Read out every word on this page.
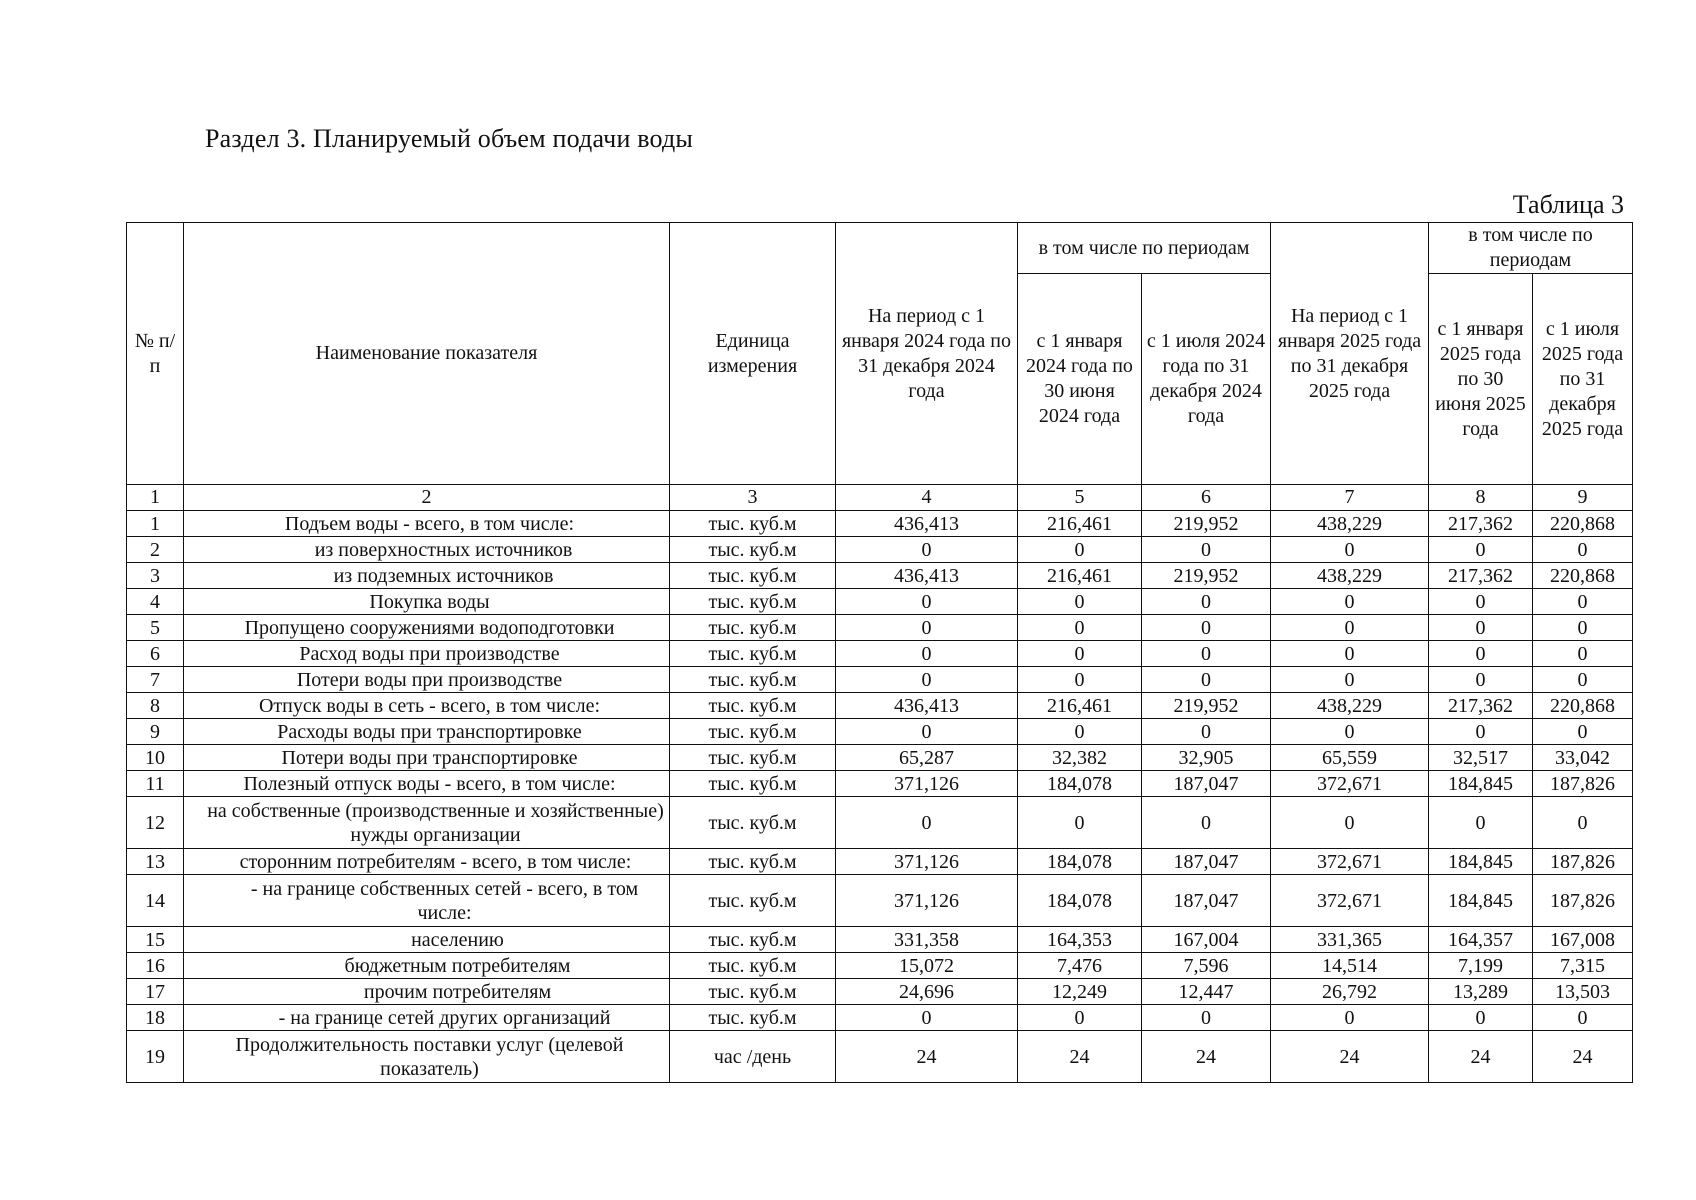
Раздел 3. Планируемый объем подачи воды
Таблица 3
№ п/п	Наименование показателя	Единица измерения	На период с 1 января 2024 года по 31 декабря 2024 года	в том числе по периодам		На период с 1 января 2025 года по 31 декабря 2025 года	в том числе по периодам	
				с 1 января 2024 года по 30 июня 2024 года	с 1 июля 2024 года по 31 декабря 2024 года		с 1 января 2025 года по 30 июня 2025 года	с 1 июля 2025 года по 31 декабря 2025 года
1	2	3	4	5	6	7	8	9
1	Подъем воды - всего, в том числе:	тыс. куб.м	436,413	216,461	219,952	438,229	217,362	220,868
2	из поверхностных источников	тыс. куб.м	0	0	0	0	0	0
3	из подземных источников	тыс. куб.м	436,413	216,461	219,952	438,229	217,362	220,868
4	Покупка воды	тыс. куб.м	0	0	0	0	0	0
5	Пропущено сооружениями водоподготовки	тыс. куб.м	0	0	0	0	0	0
6	Расход воды при производстве	тыс. куб.м	0	0	0	0	0	0
7	Потери воды при производстве	тыс. куб.м	0	0	0	0	0	0
8	Отпуск воды в сеть - всего, в том числе:	тыс. куб.м	436,413	216,461	219,952	438,229	217,362	220,868
9	Расходы воды при транспортировке	тыс. куб.м	0	0	0	0	0	0
10	Потери воды при транспортировке	тыс. куб.м	65,287	32,382	32,905	65,559	32,517	33,042
11	Полезный отпуск воды - всего, в том числе:	тыс. куб.м	371,126	184,078	187,047	372,671	184,845	187,826
12	на собственные (производственные и хозяйственные) нужды организации	тыс. куб.м	0	0	0	0	0	0
13	сторонним потребителям - всего, в том числе:	тыс. куб.м	371,126	184,078	187,047	372,671	184,845	187,826
14	- на границе собственных сетей - всего, в том числе:	тыс. куб.м	371,126	184,078	187,047	372,671	184,845	187,826
15	населению	тыс. куб.м	331,358	164,353	167,004	331,365	164,357	167,008
16	бюджетным потребителям	тыс. куб.м	15,072	7,476	7,596	14,514	7,199	7,315
17	прочим потребителям	тыс. куб.м	24,696	12,249	12,447	26,792	13,289	13,503
18	- на границе сетей других организаций	тыс. куб.м	0	0	0	0	0	0
19	Продолжительность поставки услуг (целевой показатель)	час /день	24	24	24	24	24	24
